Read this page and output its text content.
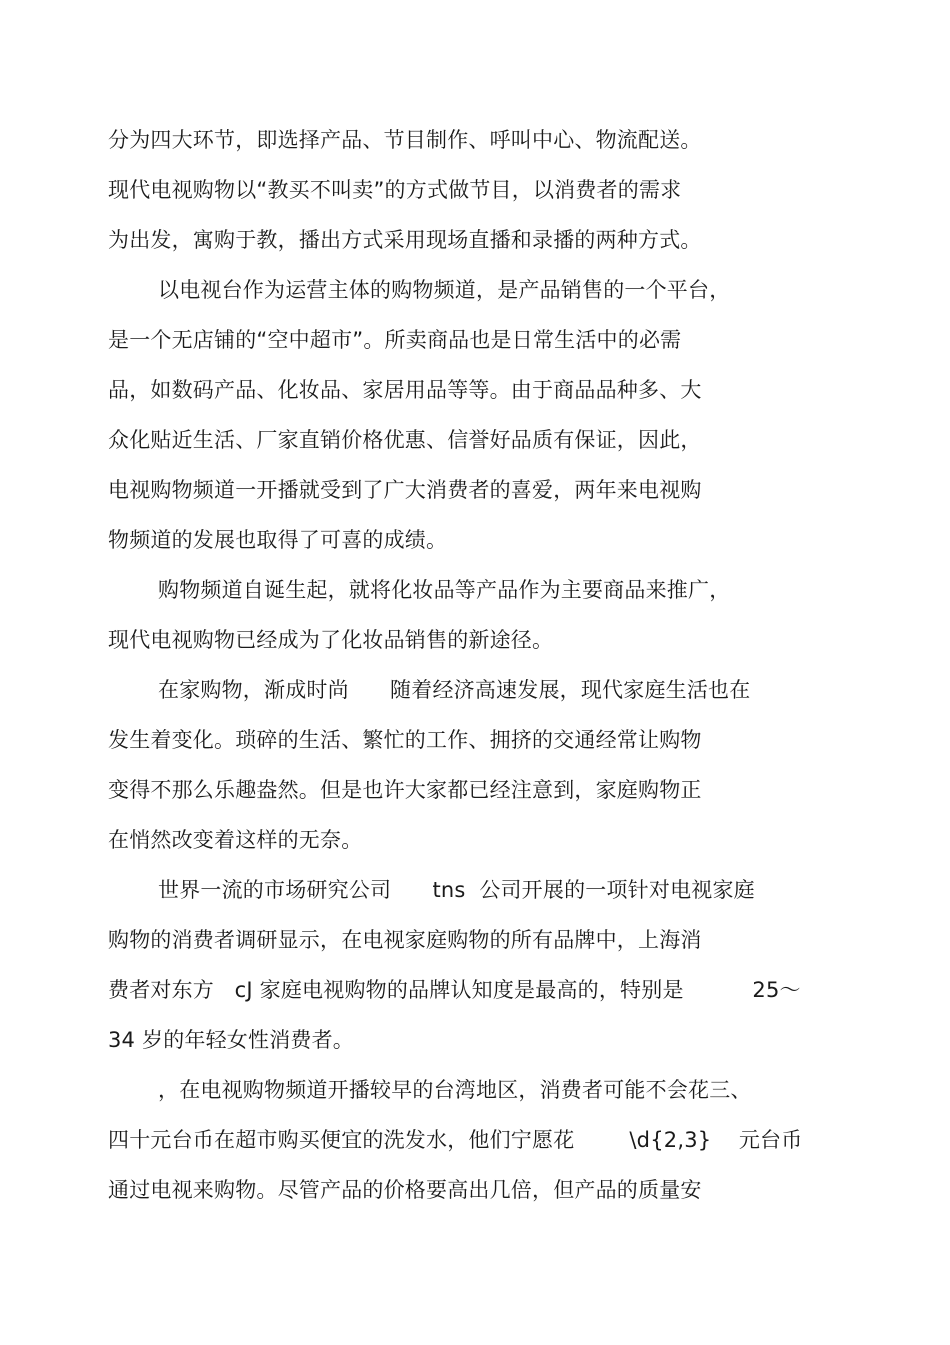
分为四大环节，即选择产品、节目制作、呼叫中心、物流配送。
现代电视购物以“教买不叫卖”的方式做节目，以消费者的需求
为出发，寓购于教，播出方式采用现场直播和录播的两种方式。
以电视台作为运营主体的购物频道，是产品销售的一个平台，
是一个无店铺的“空中超市”。所卖商品也是日常生活中的必需
品，如数码产品、化妆品、家居用品等等。由于商品品种多、大
众化贴近生活、厂家直销价格优惠、信誉好品质有保证，因此，
电视购物频道一开播就受到了广大消费者的喜爱，两年来电视购
物频道的发展也取得了可喜的成绩。
购物频道自诞生起，就将化妆品等产品作为主要商品来推广，
现代电视购物已经成为了化妆品销售的新途径。
在家购物，渐成时尚      随着经济高速发展，现代家庭生活也在
发生着变化。琐碎的生活、繁忙的工作、拥挤的交通经常让购物
变得不那么乐趣盎然。但是也许大家都已经注意到，家庭购物正
在悄然改变着这样的无奈。
世界一流的市场研究公司      tns  公司开展的一项针对电视家庭
购物的消费者调研显示，在电视家庭购物的所有品牌中，上海消
费者对东方   cJ 家庭电视购物的品牌认知度是最高的，特别是          25～
34 岁的年轻女性消费者。
，在电视购物频道开播较早的台湾地区，消费者可能不会花三、
四十元台币在超市购买便宜的洗发水，他们宁愿花        \d{2,3}    元台币
通过电视来购物。尽管产品的价格要高出几倍，但产品的质量安
